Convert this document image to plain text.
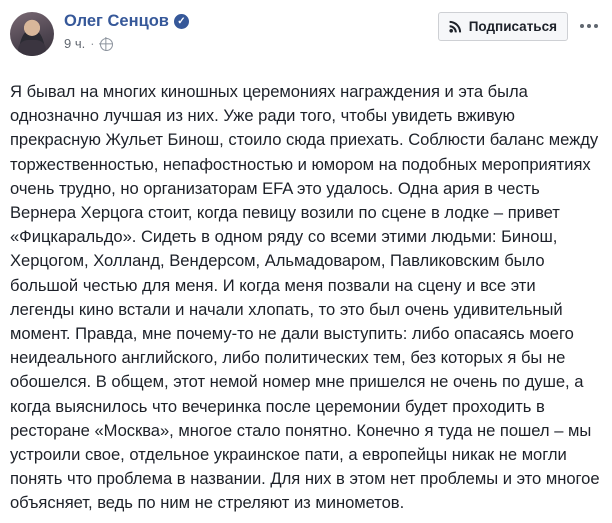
Олег Сенцов ✓
9 ч. ·
Подписаться
Я бывал на многих киношных церемониях награждения и эта была однозначно лучшая из них. Уже ради того, чтобы увидеть вживую прекрасную Жульет Бинош, стоило сюда приехать. Соблюсти баланс между торжественностью, непафостностью и юмором на подобных мероприятиях очень трудно, но организаторам EFA это удалось. Одна ария в честь Вернера Херцога стоит, когда певицу возили по сцене в лодке – привет «Фицкаральдо». Сидеть в одном ряду со всеми этими людьми: Бинош, Херцогом, Холланд, Вендерсом, Альмадоваром, Павликовским было большой честью для меня. И когда меня позвали на сцену и все эти легенды кино встали и начали хлопать, то это был очень удивительный момент. Правда, мне почему-то не дали выступить: либо опасаясь моего неидеального английского, либо политических тем, без которых я бы не обошелся. В общем, этот немой номер мне пришелся не очень по душе, а когда выяснилось что вечеринка после церемонии будет проходить в ресторане «Москва», многое стало понятно. Конечно я туда не пошел – мы устроили свое, отдельное украинское пати, а европейцы никак не могли понять что проблема в названии. Для них в этом нет проблемы и это многое объясняет, ведь по ним не стреляют из минометов.
